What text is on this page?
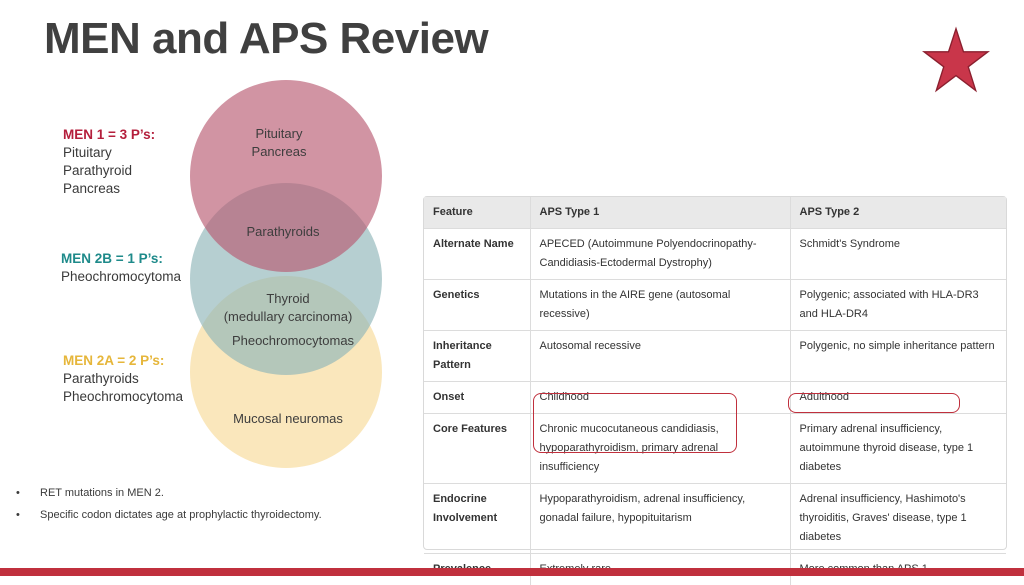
MEN and APS Review
Pituitary
Pancreas
Parathyroids
Thyroid
(medullary carcinoma)
Pheochromocytomas
Mucosal neuromas
MEN 1 = 3 P’s:
Pituitary
Parathyroid
Pancreas
MEN 2B = 1 P’s:
Pheochromocytoma
MEN 2A = 2 P’s:
Parathyroids
Pheochromocytoma
• RET mutations in MEN 2.
• Specific codon dictates age at prophylactic thyroidectomy.
Feature	APS Type 1	APS Type 2
Alternate Name	APECED (Autoimmune Polyendocrinopathy-Candidiasis-Ectodermal Dystrophy)	Schmidt's Syndrome
Genetics	Mutations in the AIRE gene (autosomal recessive)	Polygenic; associated with HLA-DR3 and HLA-DR4
Inheritance Pattern	Autosomal recessive	Polygenic, no simple inheritance pattern
Onset	Childhood	Adulthood
Core Features	Chronic mucocutaneous candidiasis, hypoparathyroidism, primary adrenal insufficiency	Primary adrenal insufficiency, autoimmune thyroid disease, type 1 diabetes
Endocrine Involvement	Hypoparathyroidism, adrenal insufficiency, gonadal failure, hypopituitarism	Adrenal insufficiency, Hashimoto's thyroiditis, Graves' disease, type 1 diabetes
